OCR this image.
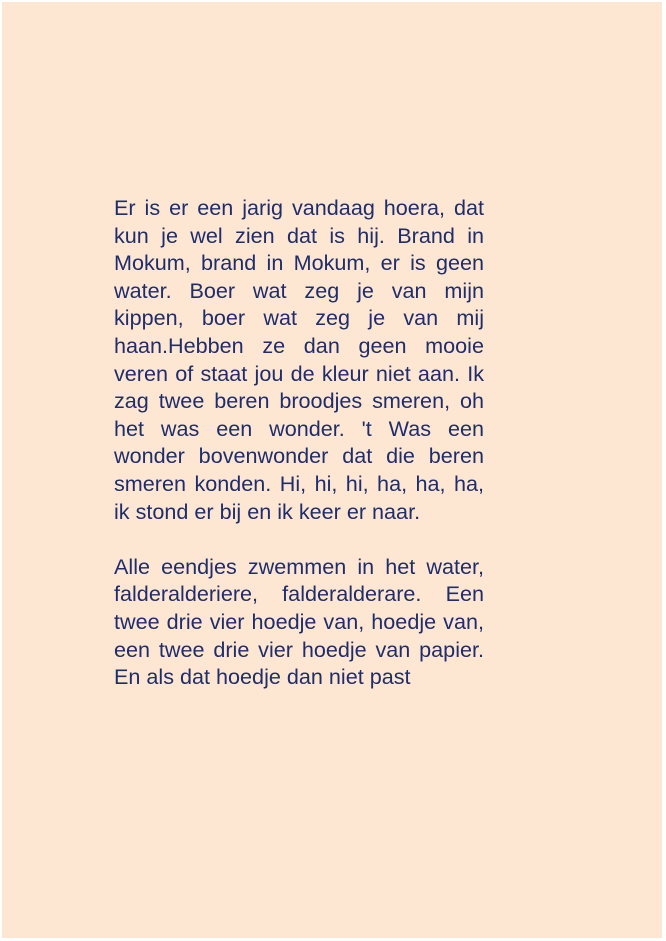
Er is er een jarig vandaag hoera, dat kun je wel zien dat is hij. Brand in Mokum, brand in Mokum, er is geen water. Boer wat zeg je van mijn kippen, boer wat zeg je van mij haan.Hebben ze dan geen mooie veren of staat jou de kleur niet aan. Ik zag twee beren broodjes smeren, oh het was een wonder. 't Was een wonder bovenwonder dat die beren smeren konden. Hi, hi, hi, ha, ha, ha, ik stond er bij en ik keer er naar.

Alle eendjes zwemmen in het water, falderalderiere, falderalderare. Een twee drie vier hoedje van, hoedje van, een twee drie vier hoedje van papier. En als dat hoedje dan niet past
